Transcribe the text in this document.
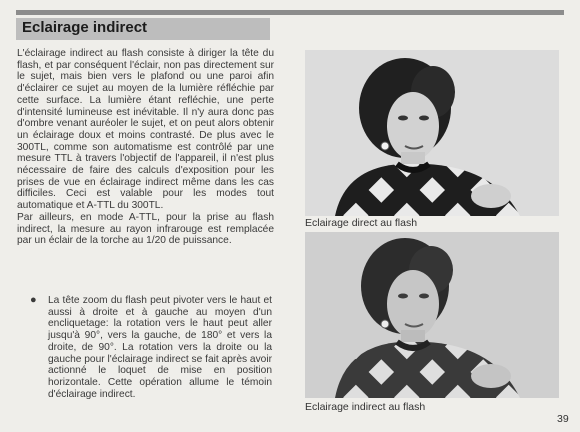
Eclairage indirect

L'éclairage indirect au flash consiste à diriger la tête du flash, et par conséquent l'éclair, non pas directement sur le sujet, mais bien vers le plafond ou une paroi afin d'éclairer ce sujet au moyen de la lumière réfléchie par cette surface. La lumière étant refléchie, une perte d'intensité lumineuse est inévitable. Il n'y aura donc pas d'ombre venant auréoler le sujet, et on peut alors obtenir un éclairage doux et moins contrasté. De plus avec le 300TL, comme son automatisme est contrôlé par une mesure TTL à travers l'objectif de l'appareil, il n'est plus nécessaire de faire des calculs d'exposition pour les prises de vue en éclairage indirect même dans les cas difficiles. Ceci est valable pour les modes tout automatique et A-TTL du 300TL.

Par ailleurs, en mode A-TTL, pour la prise au flash indirect, la mesure au rayon infrarouge est remplacée par un éclair de la torche au 1/20 de puissance.

● La tête zoom du flash peut pivoter vers le haut et aussi à droite et à gauche au moyen d'un encliquetage: la rotation vers le haut peut aller jusqu'à 90°, vers la gauche, de 180° et vers la droite, de 90°. La rotation vers la droite ou la gauche pour l'éclairage indirect se fait après avoir actionné le loquet de mise en position horizontale. Cette opération allume le témoin d'éclairage indirect.
Eclairage direct au flash
Eclairage indirect au flash
39
